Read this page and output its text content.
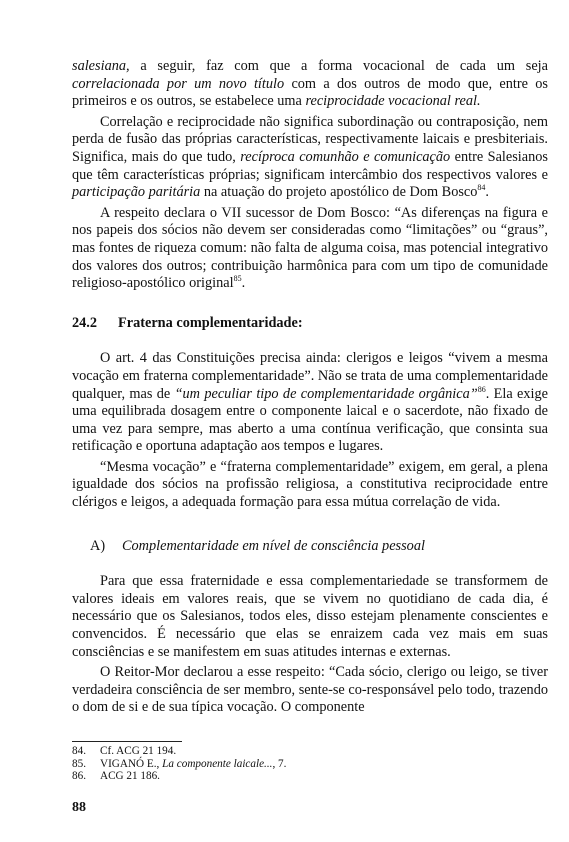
salesiana, a seguir, faz com que a forma vocacional de cada um seja correlacionada por um novo título com a dos outros de modo que, entre os primeiros e os outros, se estabelece uma reciprocidade vocacional real.

Correlação e reciprocidade não significa subordinação ou contraposição, nem perda de fusão das próprias características, respectivamente laicais e presbiteriais. Significa, mais do que tudo, recíproca comunhão e comunicação entre Salesianos que têm características próprias; significam intercâmbio dos respectivos valores e participação paritária na atuação do projeto apostólico de Dom Bosco$^{84}$.

A respeito declara o VII sucessor de Dom Bosco: “As diferenças na figura e nos papeis dos sócios não devem ser consideradas como “limitações” ou “graus”, mas fontes de riqueza comum: não falta de alguma coisa, mas potencial integrativo dos valores dos outros; contribuição harmônica para com um tipo de comunidade religioso-apostólico original$^{85}$.

24.2 Fraterna complementaridade:

O art. 4 das Constituições precisa ainda: clerigos e leigos “vivem a mesma vocação em fraterna complementaridade”. Não se trata de uma complementaridade qualquer, mas de “um peculiar tipo de complementaridade orgânica”$^{86}$. Ela exige uma equilibrada dosagem entre o componente laical e o sacerdote, não fixado de uma vez para sempre, mas aberto a uma contínua verificação, que consinta sua retificação e oportuna adaptação aos tempos e lugares.

“Mesma vocação” e “fraterna complementaridade” exigem, em geral, a plena igualdade dos sócios na profissão religiosa, a constitutiva reciprocidade entre clérigos e leigos, a adequada formação para essa mútua correlação de vida.

A) Complementaridade em nível de consciência pessoal

Para que essa fraternidade e essa complementariedade se transformem de valores ideais em valores reais, que se vivem no quotidiano de cada dia, é necessário que os Salesianos, todos eles, disso estejam plenamente conscientes e convencidos. É necessário que elas se enraizem cada vez mais em suas consciências e se manifestem em suas atitudes internas e externas.

O Reitor-Mor declarou a esse respeito: “Cada sócio, clerigo ou leigo, se tiver verdadeira consciência de ser membro, sente-se co-responsável pelo todo, trazendo o dom de si e de sua típica vocação. O componente

84.	Cf. ACG 21 194.
85.	VIGANÓ E., La componente laicale..., 7.
86.	ACG 21 186.
88
